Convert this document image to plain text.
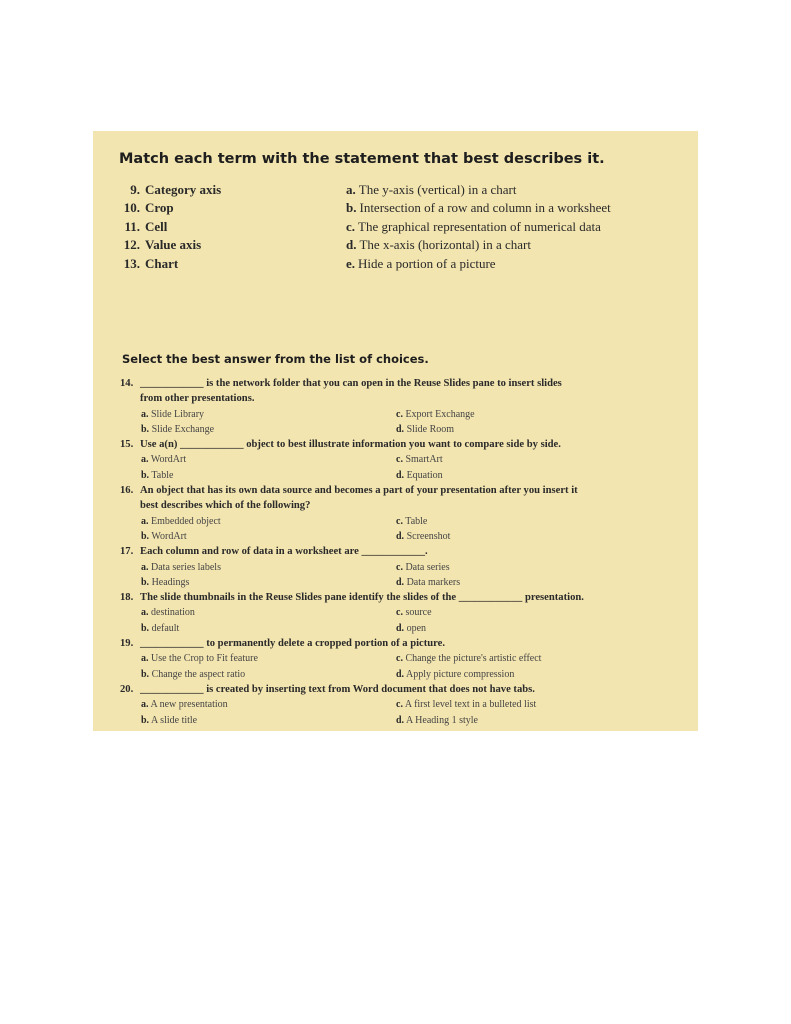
Match each term with the statement that best describes it.
9. Category axis
10. Crop
11. Cell
12. Value axis
13. Chart
a. The y-axis (vertical) in a chart
b. Intersection of a row and column in a worksheet
c. The graphical representation of numerical data
d. The x-axis (horizontal) in a chart
e. Hide a portion of a picture
Select the best answer from the list of choices.
14. ____________ is the network folder that you can open in the Reuse Slides pane to insert slides
from other presentations.
a. Slide Library
b. Slide Exchange
c. Export Exchange
d. Slide Room
15. Use a(n) ____________ object to best illustrate information you want to compare side by side.
a. WordArt
b. Table
c. SmartArt
d. Equation
16. An object that has its own data source and becomes a part of your presentation after you insert it
best describes which of the following?
a. Embedded object
b. WordArt
c. Table
d. Screenshot
17. Each column and row of data in a worksheet are ____________.
a. Data series labels
b. Headings
c. Data series
d. Data markers
18. The slide thumbnails in the Reuse Slides pane identify the slides of the ____________ presentation.
a. destination
b. default
c. source
d. open
19. ____________ to permanently delete a cropped portion of a picture.
a. Use the Crop to Fit feature
b. Change the aspect ratio
c. Change the picture's artistic effect
d. Apply picture compression
20. ____________ is created by inserting text from Word document that does not have tabs.
a. A new presentation
b. A slide title
c. A first level text in a bulleted list
d. A Heading 1 style
